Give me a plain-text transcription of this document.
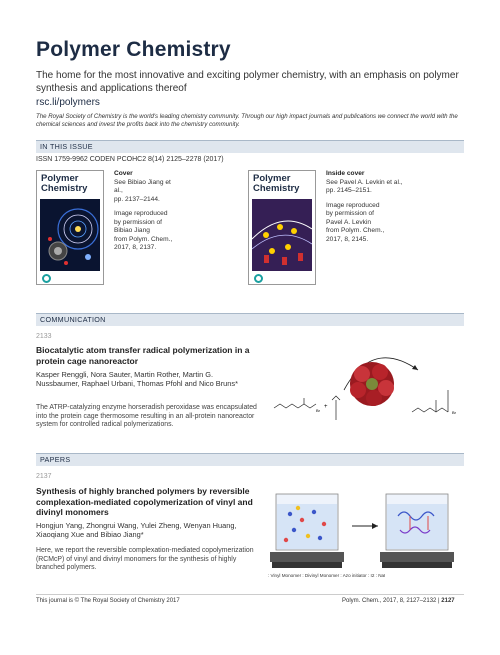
Polymer Chemistry
The home for the most innovative and exciting polymer chemistry, with an emphasis on polymer synthesis and applications thereof
rsc.li/polymers
The Royal Society of Chemistry is the world's leading chemistry community. Through our high impact journals and publications we connect the world with the chemical sciences and invest the profits back into the chemistry community.
IN THIS ISSUE
ISSN 1759-9962 CODEN PCOHC2 8(14) 2125–2278 (2017)
Polymer
Chemistry
Cover
See Bibiao Jiang et al.,
pp. 2137–2144.
Image reproduced
by permission of
Bibiao Jiang
from Polym. Chem.,
2017, 8, 2137.
Polymer
Chemistry
Inside cover
See Pavel A. Levkin et al.,
pp. 2145–2151.
Image reproduced
by permission of
Pavel A. Levkin
from Polym. Chem.,
2017, 8, 2145.
COMMUNICATION
2133
Biocatalytic atom transfer radical polymerization in a protein cage nanoreactor
Kasper Renggli, Nora Sauter, Martin Rother, Martin G. Nussbaumer, Raphael Urbani, Thomas Pfohl and Nico Bruns*
The ATRP-catalyzing enzyme horseradish peroxidase was encapsulated into the protein cage thermosome resulting in an all-protein nanoreactor system for controlled radical polymerizations.
Br
+
Br
PAPERS
2137
Synthesis of highly branched polymers by reversible complexation-mediated copolymerization of vinyl and divinyl monomers
Hongjun Yang, Zhongrui Wang, Yulei Zheng, Wenyan Huang, Xiaoqiang Xue and Bibiao Jiang*
Here, we report the reversible complexation-mediated copolymerization (RCMcP) of vinyl and divinyl monomers for the synthesis of highly branched polymers.
: Vinyl Monomer : Divinyl Monomer : Azo initiator : I2 : NaI
This journal is © The Royal Society of Chemistry 2017	Polym. Chem., 2017, 8, 2127–2132 | 2127
